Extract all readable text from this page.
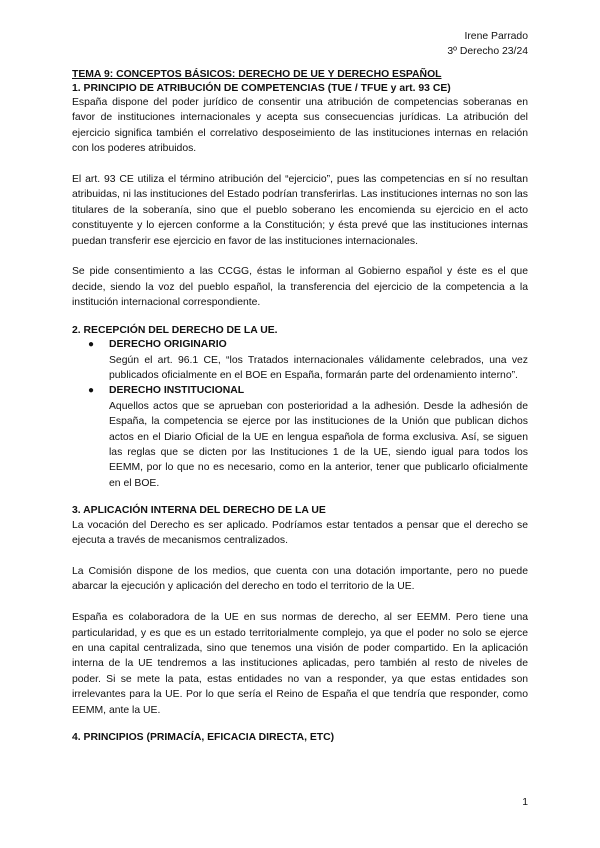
Irene Parrado
3º Derecho 23/24
TEMA 9: CONCEPTOS BÁSICOS: DERECHO DE UE Y DERECHO ESPAÑOL
1. PRINCIPIO DE ATRIBUCIÓN DE COMPETENCIAS (TUE / TFUE y art. 93 CE)

España dispone del poder jurídico de consentir una atribución de competencias soberanas en favor de instituciones internacionales y acepta sus consecuencias jurídicas. La atribución del ejercicio significa también el correlativo desposeimiento de las instituciones internas en relación con los poderes atribuidos.

El art. 93 CE utiliza el término atribución del “ejercicio”, pues las competencias en sí no resultan atribuidas, ni las instituciones del Estado podrían transferirlas. Las instituciones internas no son las titulares de la soberanía, sino que el pueblo soberano les encomienda su ejercicio en el acto constituyente y lo ejercen conforme a la Constitución; y ésta prevé que las instituciones internas puedan transferir ese ejercicio en favor de las instituciones internacionales.

Se pide consentimiento a las CCGG, éstas le informan al Gobierno español y éste es el que decide, siendo la voz del pueblo español, la transferencia del ejercicio de la competencia a la institución internacional correspondiente.

2. RECEPCIÓN DEL DERECHO DE LA UE.
● DERECHO ORIGINARIO

Según el art. 96.1 CE, “los Tratados internacionales válidamente celebrados, una vez publicados oficialmente en el BOE en España, formarán parte del ordenamiento interno”.

● DERECHO INSTITUCIONAL

Aquellos actos que se aprueban con posterioridad a la adhesión. Desde la adhesión de España, la competencia se ejerce por las instituciones de la Unión que publican dichos actos en el Diario Oficial de la UE en lengua española de forma exclusiva. Así, se siguen las reglas que se dicten por las Instituciones 1 de la UE, siendo igual para todos los EEMM, por lo que no es necesario, como en la anterior, tener que publicarlo oficialmente en el BOE.

3. APLICACIÓN INTERNA DEL DERECHO DE LA UE

La vocación del Derecho es ser aplicado. Podríamos estar tentados a pensar que el derecho se ejecuta a través de mecanismos centralizados.

La Comisión dispone de los medios, que cuenta con una dotación importante, pero no puede abarcar la ejecución y aplicación del derecho en todo el territorio de la UE.

España es colaboradora de la UE en sus normas de derecho, al ser EEMM. Pero tiene una particularidad, y es que es un estado territorialmente complejo, ya que el poder no solo se ejerce en una capital centralizada, sino que tenemos una visión de poder compartido. En la aplicación interna de la UE tendremos a las instituciones aplicadas, pero también al resto de niveles de poder. Si se mete la pata, estas entidades no van a responder, ya que estas entidades son irrelevantes para la UE. Por lo que sería el Reino de España el que tendría que responder, como EEMM, ante la UE.

4. PRINCIPIOS (PRIMACÍA, EFICACIA DIRECTA, ETC)
1
